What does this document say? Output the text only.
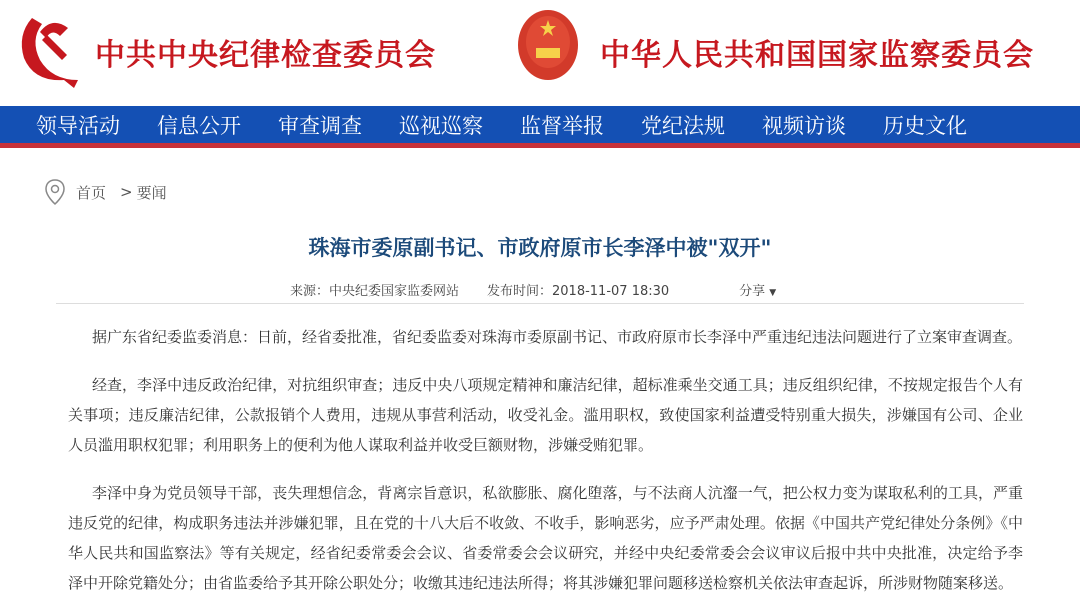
中共中央纪律检查委员会	中华人民共和国国家监察委员会
领导活动 信息公开 审查调查 巡视巡察 监督举报 党纪法规 视频访谈 历史文化
首页 > 要闻
珠海市委原副书记、市政府原市长李泽中被"双开"
来源：中央纪委国家监委网站 发布时间：2018-11-07 18:30	分享 ▼

据广东省纪委监委消息：日前，经省委批准，省纪委监委对珠海市委原副书记、市政府原市长李泽中严重违纪违法问题进行了立案审查调查。

经查，李泽中违反政治纪律，对抗组织审查；违反中央八项规定精神和廉洁纪律，超标准乘坐交通工具；违反组织纪律，不按规定报告个人有关事项；违反廉洁纪律，公款报销个人费用，违规从事营利活动，收受礼金。滥用职权，致使国家利益遭受特别重大损失，涉嫌国有公司、企业人员滥用职权犯罪；利用职务上的便利为他人谋取利益并收受巨额财物，涉嫌受贿犯罪。

李泽中身为党员领导干部，丧失理想信念，背离宗旨意识，私欲膨胀、腐化堕落，与不法商人沆瀣一气，把公权力变为谋取私利的工具，严重违反党的纪律，构成职务违法并涉嫌犯罪，且在党的十八大后不收敛、不收手，影响恶劣，应予严肃处理。依据《中国共产党纪律处分条例》《中华人民共和国监察法》等有关规定，经省纪委常委会会议、省委常委会会议研究，并经中央纪委常委会会议审议后报中共中央批准，决定给予李泽中开除党籍处分；由省监委给予其开除公职处分；收缴其违纪违法所得；将其涉嫌犯罪问题移送检察机关依法审查起诉，所涉财物随案移送。
